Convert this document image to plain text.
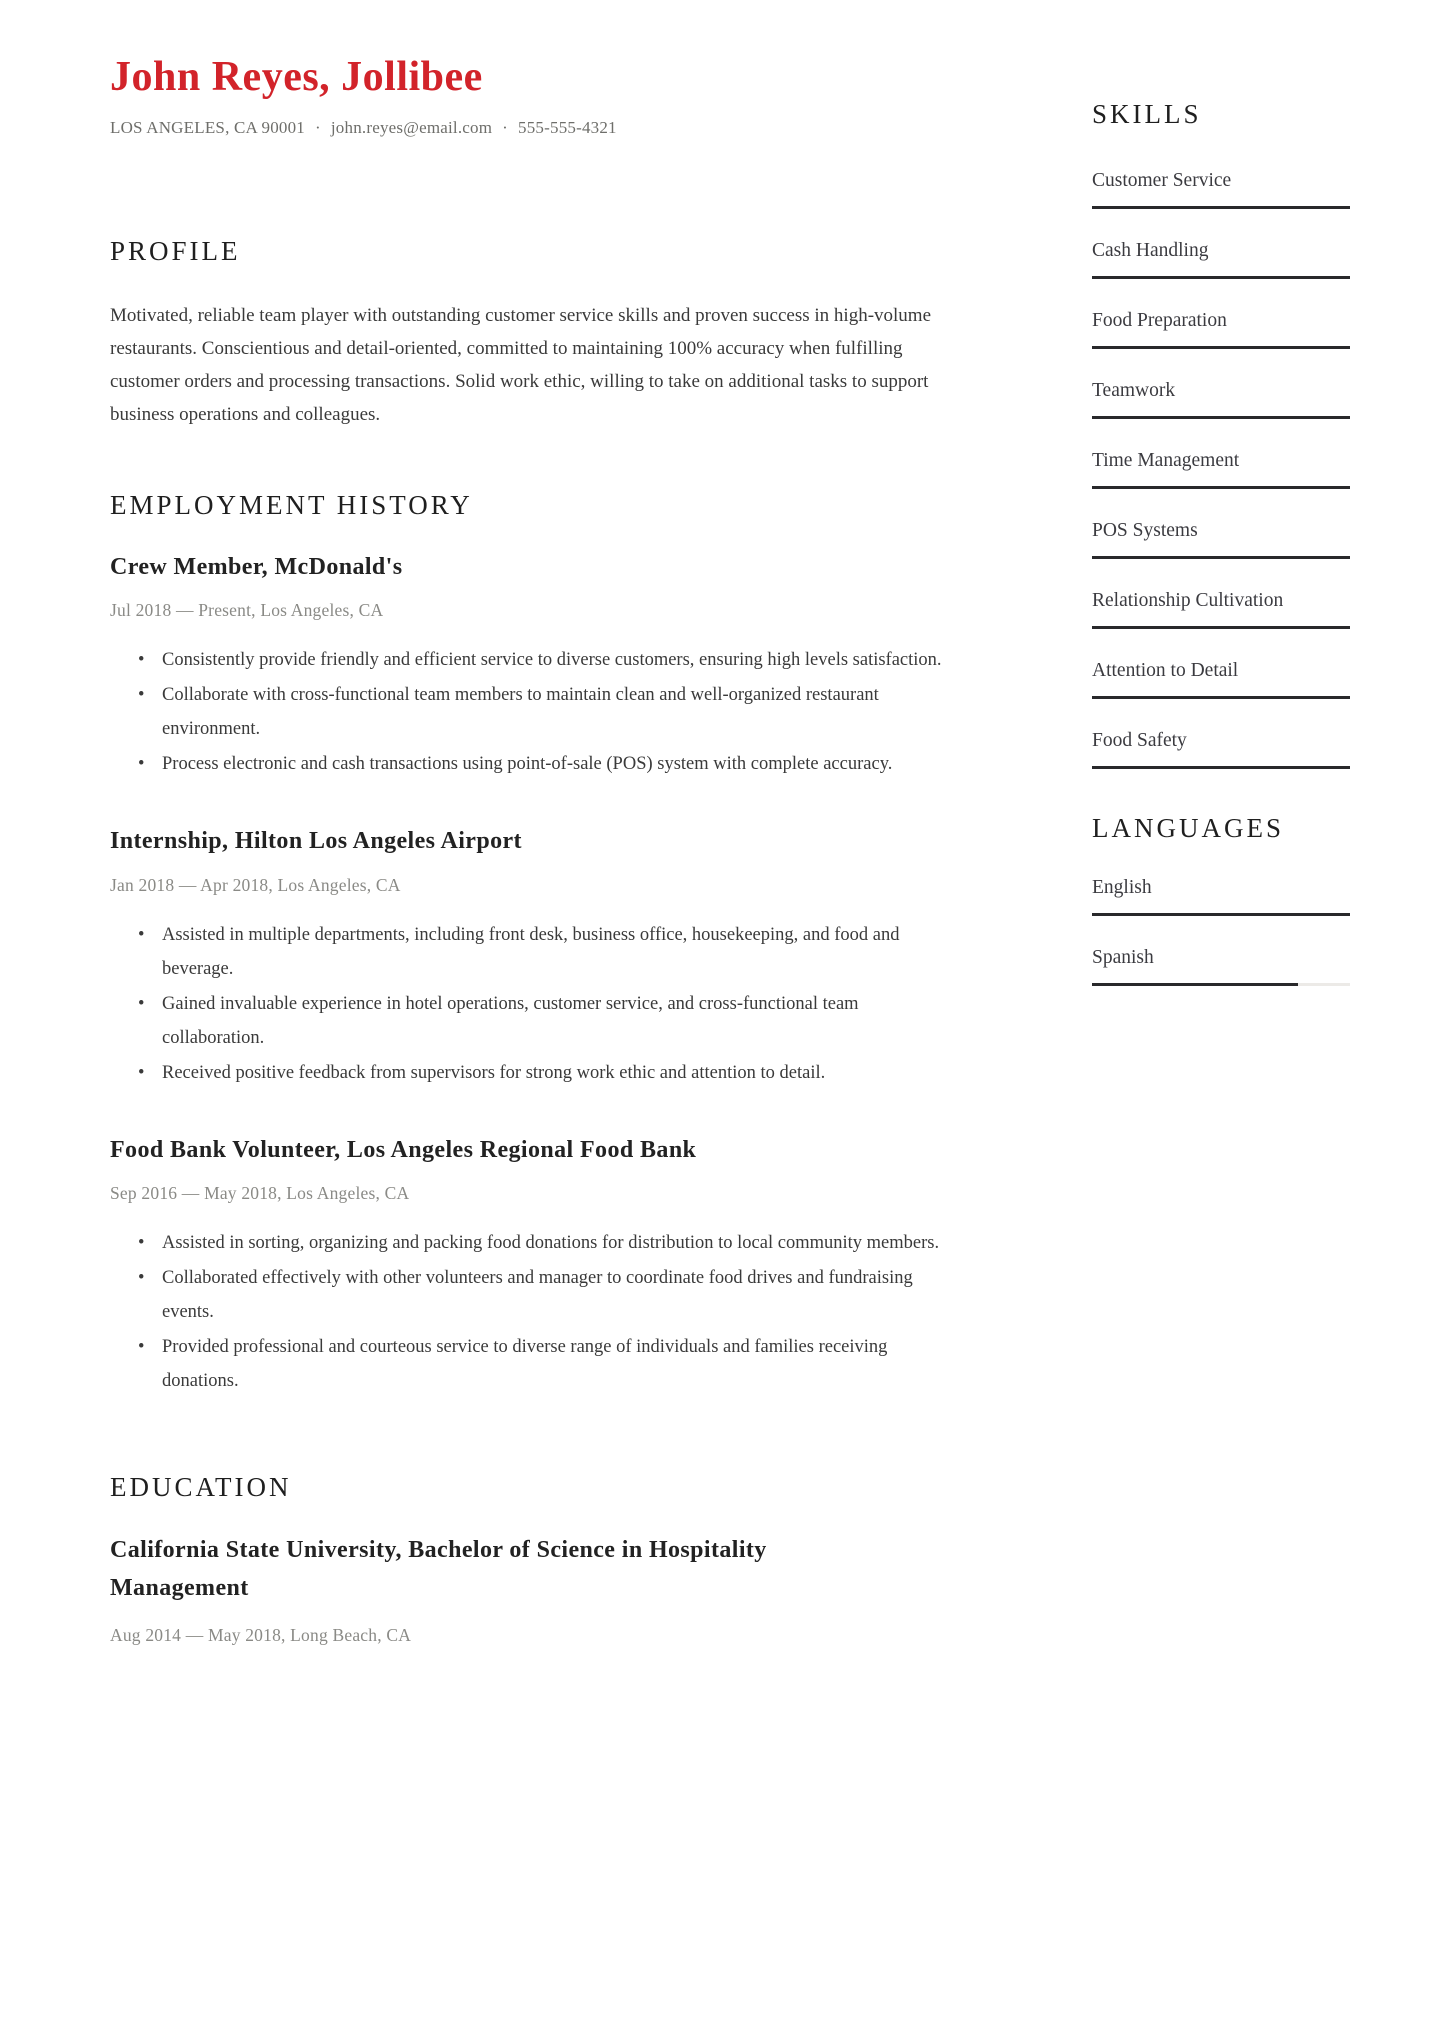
John Reyes, Jollibee
LOS ANGELES, CA 90001 · john.reyes@email.com · 555-555-4321
PROFILE

Motivated, reliable team player with outstanding customer service skills and proven success in high-volume restaurants. Conscientious and detail-oriented, committed to maintaining 100% accuracy when fulfilling customer orders and processing transactions. Solid work ethic, willing to take on additional tasks to support business operations and colleagues.

EMPLOYMENT HISTORY
Crew Member, McDonald's
Jul 2018 — Present, Los Angeles, CA
• Consistently provide friendly and efficient service to diverse customers, ensuring high levels satisfaction.
• Collaborate with cross-functional team members to maintain clean and well-organized restaurant environment.
• Process electronic and cash transactions using point-of-sale (POS) system with complete accuracy.
Internship, Hilton Los Angeles Airport
Jan 2018 — Apr 2018, Los Angeles, CA
• Assisted in multiple departments, including front desk, business office, housekeeping, and food and beverage.
• Gained invaluable experience in hotel operations, customer service, and cross-functional team collaboration.
• Received positive feedback from supervisors for strong work ethic and attention to detail.
Food Bank Volunteer, Los Angeles Regional Food Bank
Sep 2016 — May 2018, Los Angeles, CA
• Assisted in sorting, organizing and packing food donations for distribution to local community members.
• Collaborated effectively with other volunteers and manager to coordinate food drives and fundraising events.
• Provided professional and courteous service to diverse range of individuals and families receiving donations.
EDUCATION
California State University, Bachelor of Science in Hospitality Management
Aug 2014 — May 2018, Long Beach, CA
SKILLS
Customer Service
Cash Handling
Food Preparation
Teamwork
Time Management
POS Systems
Relationship Cultivation
Attention to Detail
Food Safety
LANGUAGES
English
Spanish
